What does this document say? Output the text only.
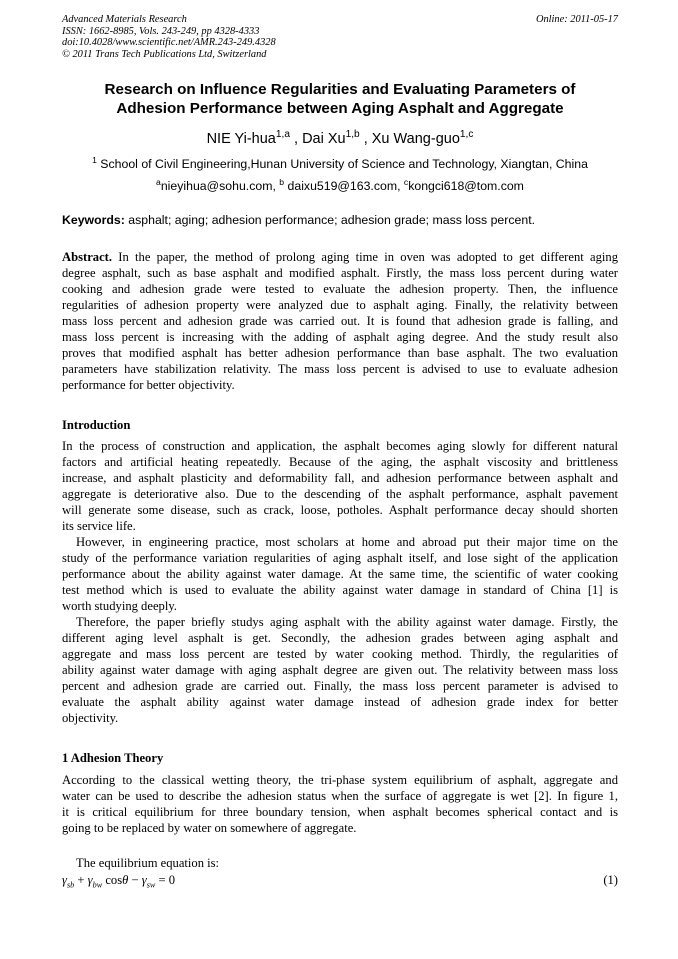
Advanced Materials Research	Online: 2011-05-17
ISSN: 1662-8985, Vols. 243-249, pp 4328-4333
doi:10.4028/www.scientific.net/AMR.243-249.4328
© 2011 Trans Tech Publications Ltd, Switzerland
Research on Influence Regularities and Evaluating Parameters of
Adhesion Performance between Aging Asphalt and Aggregate
NIE Yi-hua$^{1,a}$ , Dai Xu$^{1,b}$ , Xu Wang-guo$^{1,c}$
$^1$ School of Civil Engineering,Hunan University of Science and Technology, Xiangtan, China
$^a$nieyihua@sohu.com, $^b$ daixu519@163.com, $^c$kongci618@tom.com
Keywords: asphalt; aging; adhesion performance; adhesion grade; mass loss percent.
Abstract. In the paper, the method of prolong aging time in oven was adopted to get different aging
degree asphalt, such as base asphalt and modified asphalt. Firstly, the mass loss percent during water
cooking and adhesion grade were tested to evaluate the adhesion property. Then, the influence
regularities of adhesion property were analyzed due to asphalt aging. Finally, the relativity between
mass loss percent and adhesion grade was carried out. It is found that adhesion grade is falling, and
mass loss percent is increasing with the adding of asphalt aging degree. And the study result also
proves that modified asphalt has better adhesion performance than base asphalt. The two evaluation
parameters have stabilization relativity. The mass loss percent is advised to use to evaluate adhesion
performance for better objectivity.
Introduction
In the process of construction and application, the asphalt becomes aging slowly for different natural
factors and artificial heating repeatedly. Because of the aging, the asphalt viscosity and brittleness
increase, and asphalt plasticity and deformability fall, and adhesion performance between asphalt and
aggregate is deteriorative also. Due to the descending of the asphalt performance, asphalt pavement
will generate some disease, such as crack, loose, potholes. Asphalt performance decay should shorten
its service life.
However, in engineering practice, most scholars at home and abroad put their major time on the
study of the performance variation regularities of aging asphalt itself, and lose sight of the application
performance about the ability against water damage. At the same time, the scientific of water cooking
test method which is used to evaluate the ability against water damage in standard of China [1] is
worth studying deeply.
Therefore, the paper briefly studys aging asphalt with the ability against water damage. Firstly, the
different aging level asphalt is get. Secondly, the adhesion grades between aging asphalt and
aggregate and mass loss percent are tested by water cooking method. Thirdly, the regularities of
ability against water damage with aging asphalt degree are given out. The relativity between mass loss
percent and adhesion grade are carried out. Finally, the mass loss percent parameter is advised to
evaluate the asphalt ability against water damage instead of adhesion grade index for better
objectivity.
1 Adhesion Theory
According to the classical wetting theory, the tri-phase system equilibrium of asphalt, aggregate and
water can be used to describe the adhesion status when the surface of aggregate is wet [2]. In figure 1,
it is critical equilibrium for three boundary tension, when asphalt becomes spherical contact and is
going to be replaced by water on somewhere of aggregate.
The equilibrium equation is:
$\gamma_{sb} + \gamma_{bw}$ $\cos\theta - \gamma_{sw} = 0$	(1)
